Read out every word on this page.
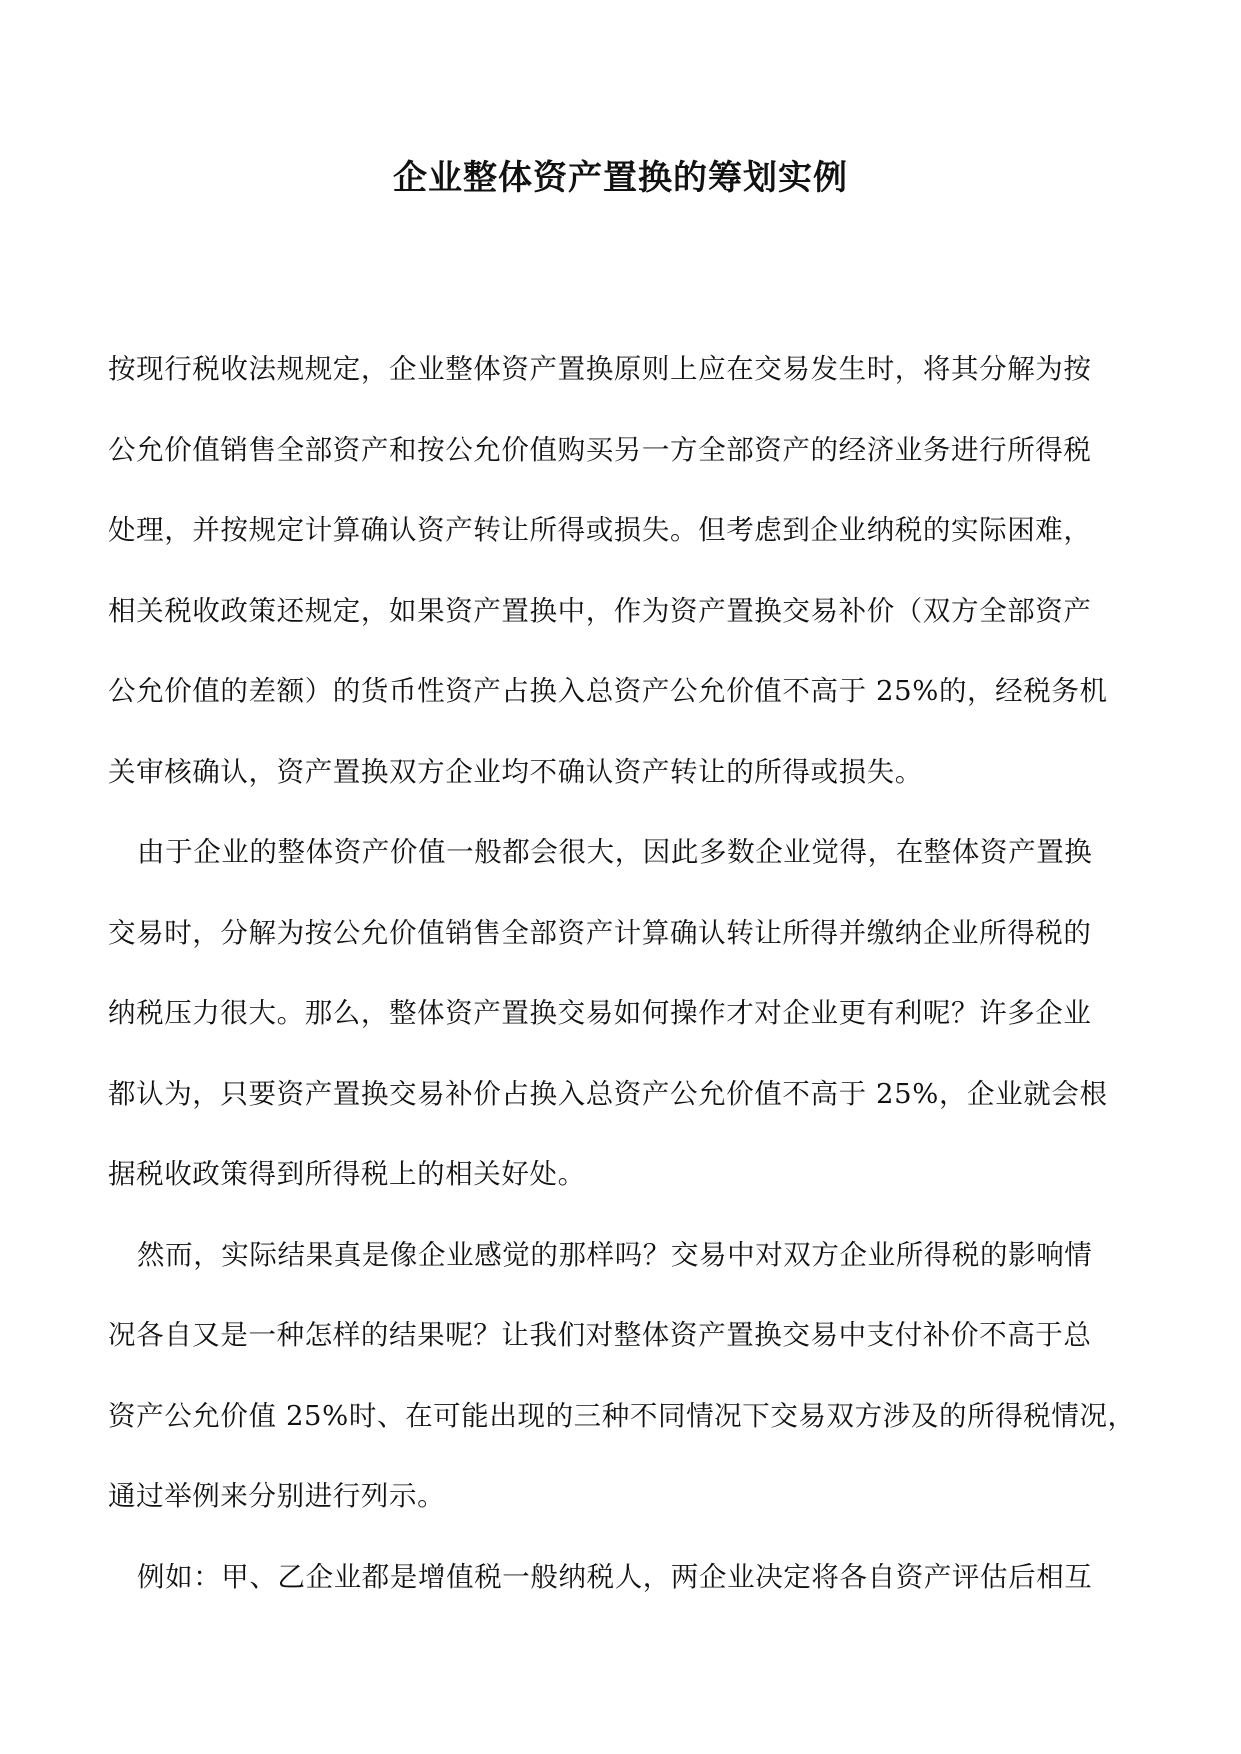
企业整体资产置换的筹划实例
按现行税收法规规定，企业整体资产置换原则上应在交易发生时，将其分解为按
公允价值销售全部资产和按公允价值购买另一方全部资产的经济业务进行所得税
处理，并按规定计算确认资产转让所得或损失。但考虑到企业纳税的实际困难，
相关税收政策还规定，如果资产置换中，作为资产置换交易补价（双方全部资产
公允价值的差额）的货币性资产占换入总资产公允价值不高于 25%的，经税务机
关审核确认，资产置换双方企业均不确认资产转让的所得或损失。
由于企业的整体资产价值一般都会很大，因此多数企业觉得，在整体资产置换
交易时，分解为按公允价值销售全部资产计算确认转让所得并缴纳企业所得税的
纳税压力很大。那么，整体资产置换交易如何操作才对企业更有利呢？许多企业
都认为，只要资产置换交易补价占换入总资产公允价值不高于 25%，企业就会根
据税收政策得到所得税上的相关好处。
然而，实际结果真是像企业感觉的那样吗？交易中对双方企业所得税的影响情
况各自又是一种怎样的结果呢？让我们对整体资产置换交易中支付补价不高于总
资产公允价值 25%时、在可能出现的三种不同情况下交易双方涉及的所得税情况，
通过举例来分别进行列示。
例如：甲、乙企业都是增值税一般纳税人，两企业决定将各自资产评估后相互
